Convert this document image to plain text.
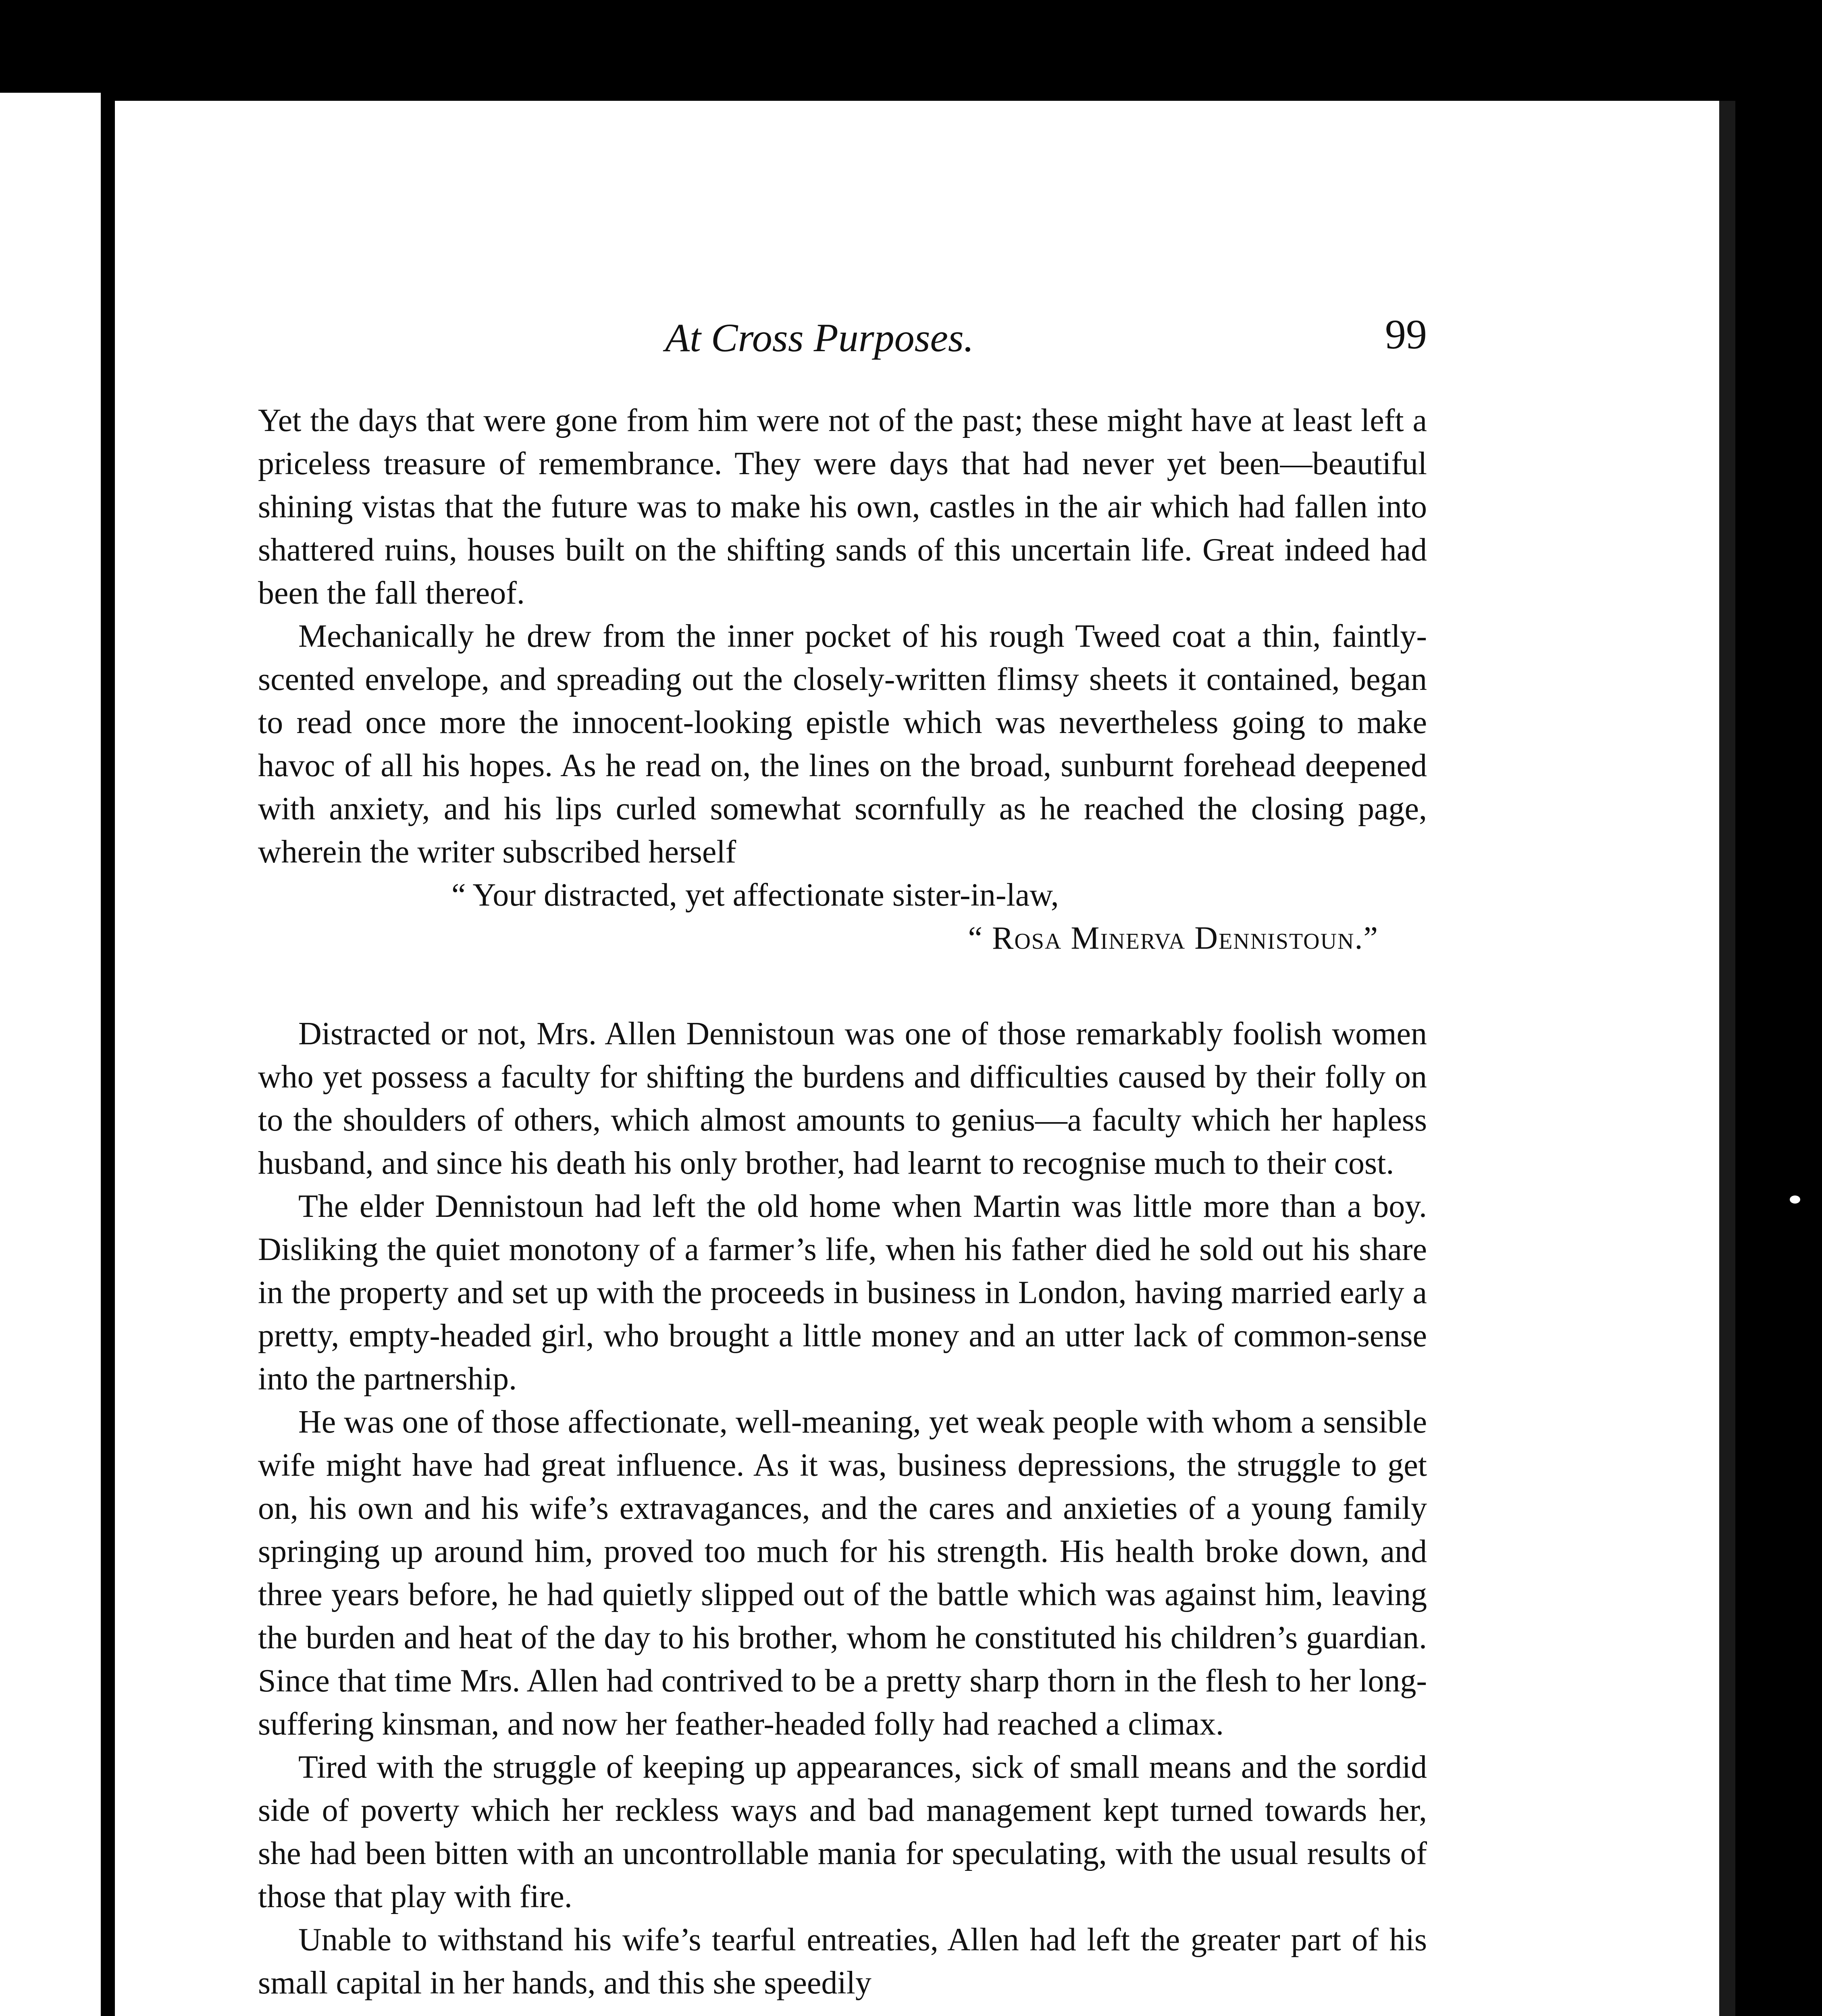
At Cross Purposes.	99

Yet the days that were gone from him were not of the past; these might have at least left a priceless treasure of remembrance. They were days that had never yet been—beautiful shining vistas that the future was to make his own, castles in the air which had fallen into shattered ruins, houses built on the shifting sands of this uncertain life. Great indeed had been the fall thereof.

Mechanically he drew from the inner pocket of his rough Tweed coat a thin, faintly-scented envelope, and spreading out the closely-written flimsy sheets it contained, began to read once more the innocent-looking epistle which was nevertheless going to make havoc of all his hopes. As he read on, the lines on the broad, sunburnt forehead deepened with anxiety, and his lips curled somewhat scornfully as he reached the closing page, wherein the writer subscribed herself

“ Your distracted, yet affectionate sister-in-law,

“ Rosa Minerva Dennistoun.”

Distracted or not, Mrs. Allen Dennistoun was one of those remarkably foolish women who yet possess a faculty for shifting the burdens and difficulties caused by their folly on to the shoulders of others, which almost amounts to genius—a faculty which her hapless husband, and since his death his only brother, had learnt to recognise much to their cost.

The elder Dennistoun had left the old home when Martin was little more than a boy. Disliking the quiet monotony of a farmer’s life, when his father died he sold out his share in the property and set up with the proceeds in business in London, having married early a pretty, empty-headed girl, who brought a little money and an utter lack of common-sense into the partnership.

He was one of those affectionate, well-meaning, yet weak people with whom a sensible wife might have had great influence. As it was, business depressions, the struggle to get on, his own and his wife’s extravagances, and the cares and anxieties of a young family springing up around him, proved too much for his strength. His health broke down, and three years before, he had quietly slipped out of the battle which was against him, leaving the burden and heat of the day to his brother, whom he constituted his children’s guardian. Since that time Mrs. Allen had contrived to be a pretty sharp thorn in the flesh to her long-suffering kinsman, and now her feather-headed folly had reached a climax.

Tired with the struggle of keeping up appearances, sick of small means and the sordid side of poverty which her reckless ways and bad management kept turned towards her, she had been bitten with an uncontrollable mania for speculating, with the usual results of those that play with fire.

Unable to withstand his wife’s tearful entreaties, Allen had left the greater part of his small capital in her hands, and this she speedily
